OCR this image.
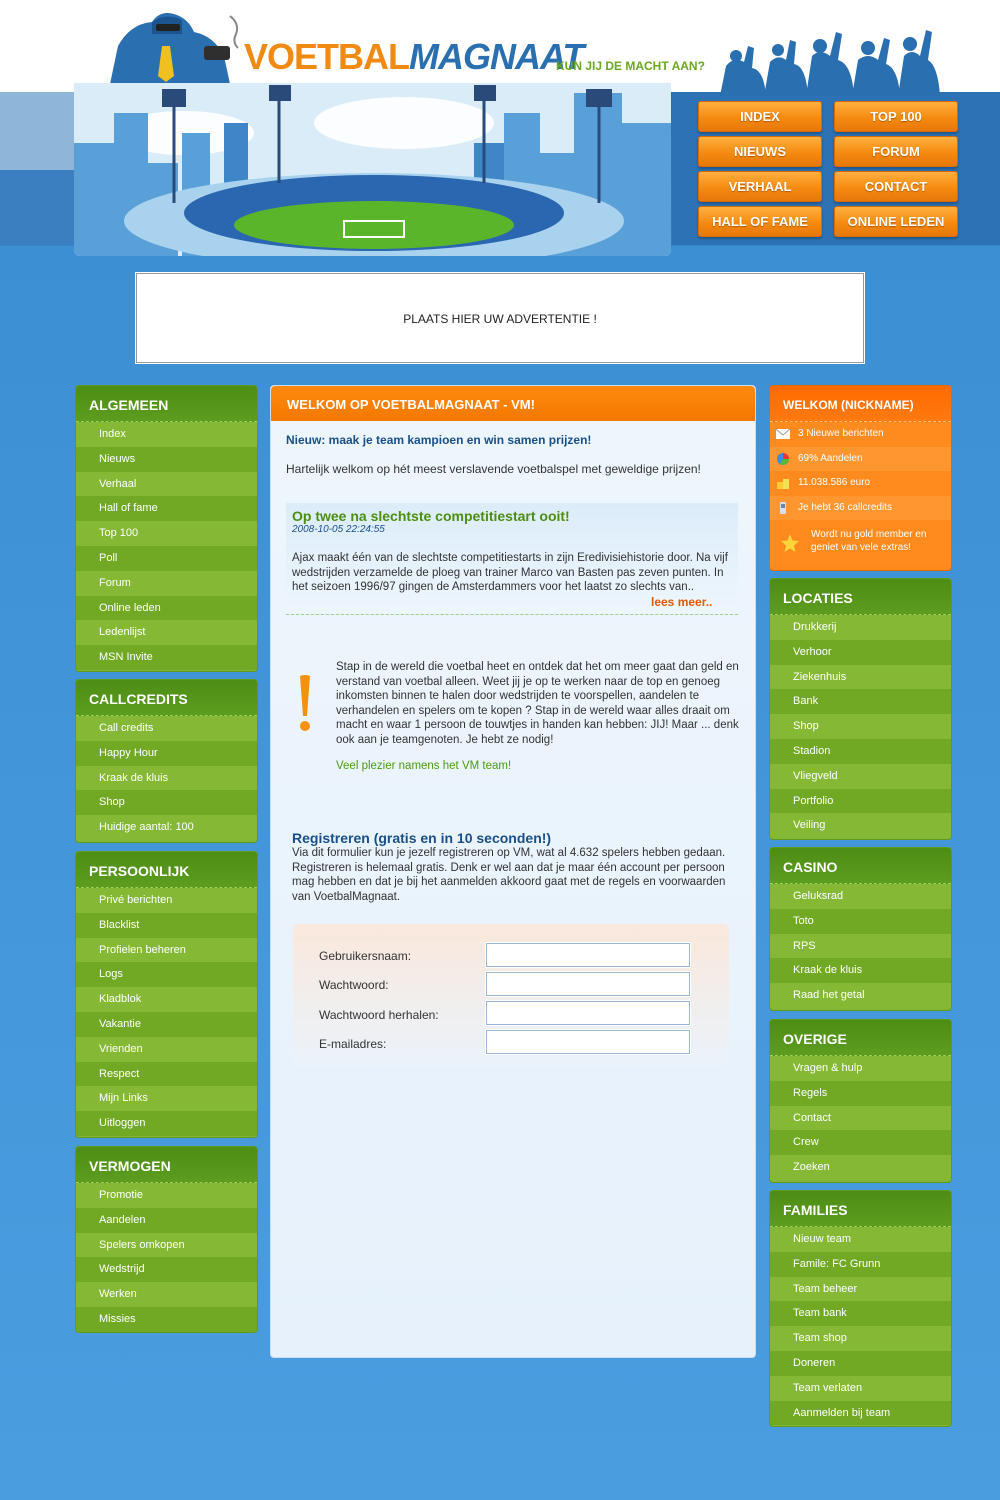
VOETBALMAGNAAT
KUN JIJ DE MACHT AAN?
INDEX	TOP 100
NIEUWS	FORUM
VERHAAL	CONTACT
HALL OF FAME	ONLINE LEDEN
PLAATS HIER UW ADVERTENTIE !
ALGEMEEN
Index
Nieuws
Verhaal
Hall of fame
Top 100
Poll
Forum
Online leden
Ledenlijst
MSN Invite
CALLCREDITS
Call credits
Happy Hour
Kraak de kluis
Shop
Huidige aantal: 100
PERSOONLIJK
Privé berichten
Blacklist
Profielen beheren
Logs
Kladblok
Vakantie
Vrienden
Respect
Mijn Links
Uitloggen
VERMOGEN
Promotie
Aandelen
Spelers omkopen
Wedstrijd
Werken
Missies
WELKOM OP VOETBALMAGNAAT - VM!
Nieuw: maak je team kampioen en win samen prijzen!
Hartelijk welkom op hét meest verslavende voetbalspel met geweldige prijzen!
Op twee na slechtste competitiestart ooit!
2008-10-05 22:24:55
Ajax maakt één van de slechtste competitiestarts in zijn Eredivisiehistorie door. Na vijf wedstrijden verzamelde de ploeg van trainer Marco van Basten pas zeven punten. In het seizoen 1996/97 gingen de Amsterdammers voor het laatst zo slechts van..
lees meer..
Stap in de wereld die voetbal heet en ontdek dat het om meer gaat dan geld en verstand van voetbal alleen. Weet jij je op te werken naar de top en genoeg inkomsten binnen te halen door wedstrijden te voorspellen, aandelen te verhandelen en spelers om te kopen ? Stap in de wereld waar alles draait om macht en waar 1 persoon de touwtjes in handen kan hebben: JIJ! Maar ... denk ook aan je teamgenoten. Je hebt ze nodig!
Veel plezier namens het VM team!
Registreren (gratis en in 10 seconden!)
Via dit formulier kun je jezelf registreren op VM, wat al 4.632 spelers hebben gedaan. Registreren is helemaal gratis. Denk er wel aan dat je maar één account per persoon mag hebben en dat je bij het aanmelden akkoord gaat met de regels en voorwaarden van VoetbalMagnaat.
Gebruikersnaam:
Wachtwoord:
Wachtwoord herhalen:
E-mailadres:
WELKOM (NICKNAME)
3 Nieuwe berichten
69% Aandelen
11.038.586 euro
Je hebt 36 callcredits
Wordt nu gold member en geniet van vele extras!
LOCATIES
Drukkerij
Verhoor
Ziekenhuis
Bank
Shop
Stadion
Vliegveld
Portfolio
Veiling
CASINO
Geluksrad
Toto
RPS
Kraak de kluis
Raad het getal
OVERIGE
Vragen & hulp
Regels
Contact
Crew
Zoeken
FAMILIES
Nieuw team
Famile: FC Grunn
Team beheer
Team bank
Team shop
Doneren
Team verlaten
Aanmelden bij team
